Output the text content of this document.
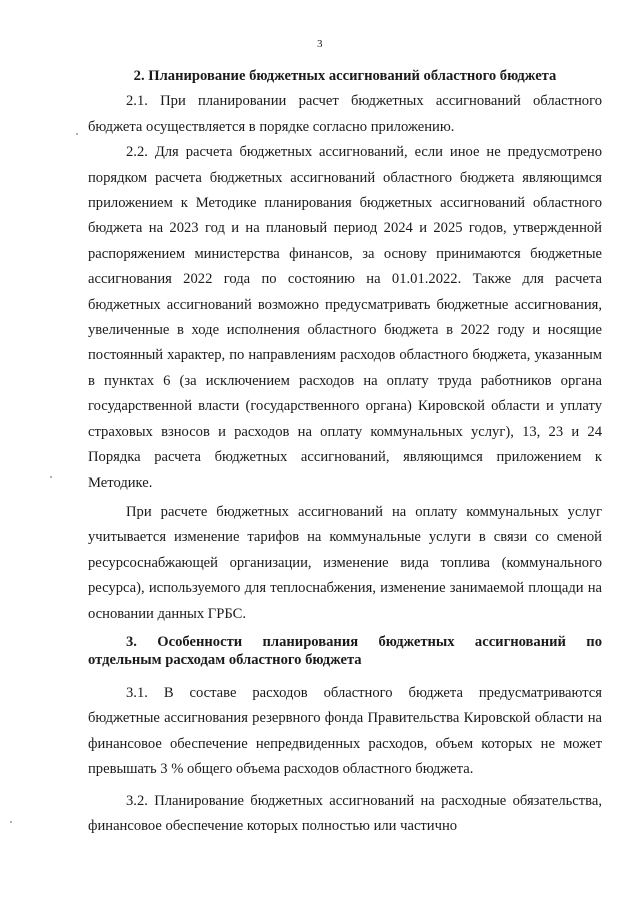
3

2. Планирование бюджетных ассигнований областного бюджета

2.1. При планировании расчет бюджетных ассигнований областного бюджета осуществляется в порядке согласно приложению.

2.2. Для расчета бюджетных ассигнований, если иное не предусмотрено порядком расчета бюджетных ассигнований областного бюджета являющимся приложением к Методике планирования бюджетных ассигнований областного бюджета на 2023 год и на плановый период 2024 и 2025 годов, утвержденной распоряжением министерства финансов, за основу принимаются бюджетные ассигнования 2022 года по состоянию на 01.01.2022. Также для расчета бюджетных ассигнований возможно предусматривать бюджетные ассигнования, увеличенные в ходе исполнения областного бюджета в 2022 году и носящие постоянный характер, по направлениям расходов областного бюджета, указанным в пунктах 6 (за исключением расходов на оплату труда работников органа государственной власти (государственного органа) Кировской области и уплату страховых взносов и расходов на оплату коммунальных услуг), 13, 23 и 24 Порядка расчета бюджетных ассигнований, являющимся приложением к Методике.

При расчете бюджетных ассигнований на оплату коммунальных услуг учитывается изменение тарифов на коммунальные услуги в связи со сменой ресурсоснабжающей организации, изменение вида топлива (коммунального ресурса), используемого для теплоснабжения, изменение занимаемой площади на основании данных ГРБС.

3. Особенности планирования бюджетных ассигнований по
отдельным расходам областного бюджета

3.1. В составе расходов областного бюджета предусматриваются бюджетные ассигнования резервного фонда Правительства Кировской области на финансовое обеспечение непредвиденных расходов, объем которых не может превышать 3 % общего объема расходов областного бюджета.

3.2. Планирование бюджетных ассигнований на расходные обязательства, финансовое обеспечение которых полностью или частично
